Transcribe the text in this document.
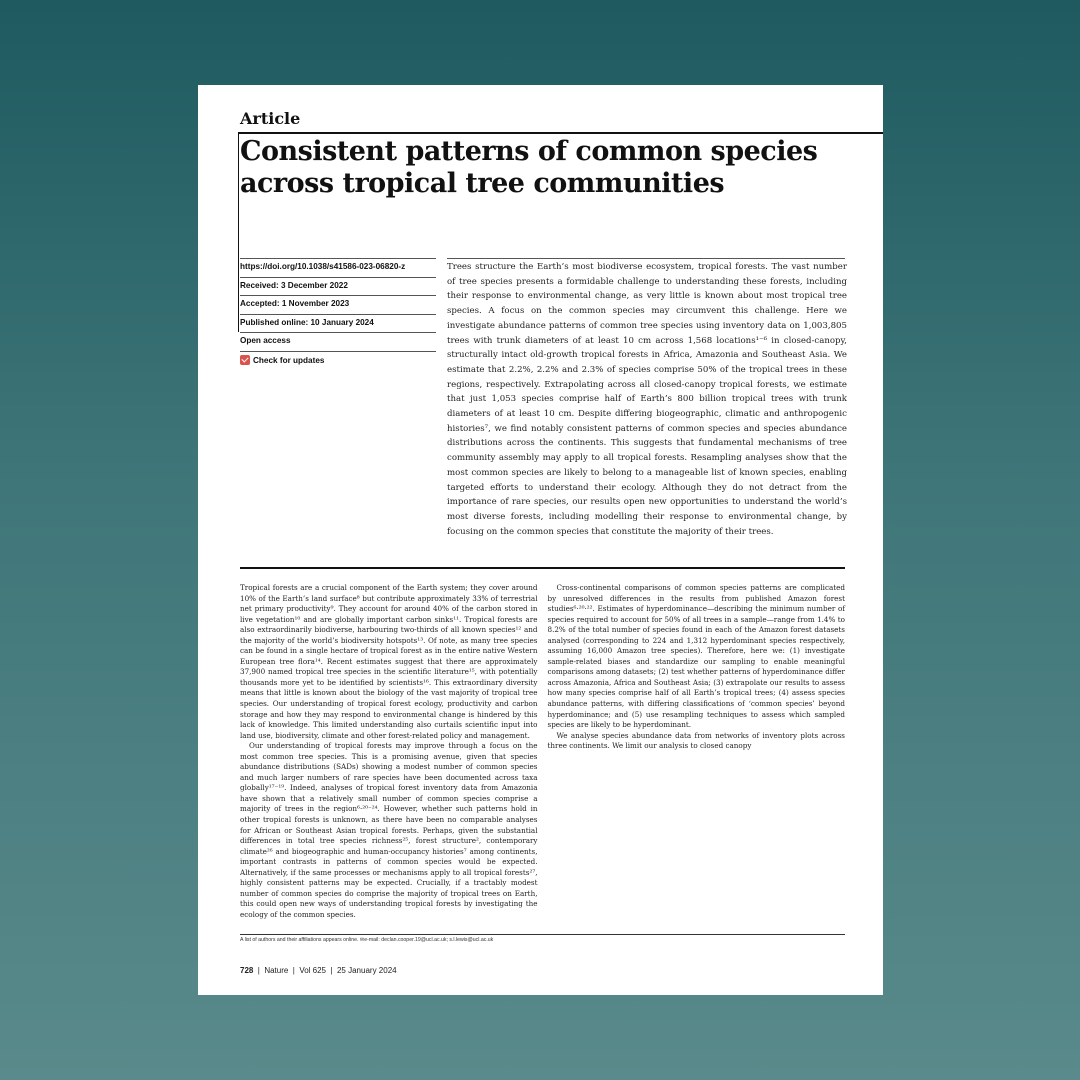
Article
Consistent patterns of common species across tropical tree communities
https://doi.org/10.1038/s41586-023-06820-z
Received: 3 December 2022
Accepted: 1 November 2023
Published online: 10 January 2024
Open access
Check for updates

Trees structure the Earth’s most biodiverse ecosystem, tropical forests. The vast number of tree species presents a formidable challenge to understanding these forests, including their response to environmental change, as very little is known about most tropical tree species. A focus on the common species may circumvent this challenge. Here we investigate abundance patterns of common tree species using inventory data on 1,003,805 trees with trunk diameters of at least 10 cm across 1,568 locations¹⁻⁶ in closed-canopy, structurally intact old-growth tropical forests in Africa, Amazonia and Southeast Asia. We estimate that 2.2%, 2.2% and 2.3% of species comprise 50% of the tropical trees in these regions, respectively. Extrapolating across all closed-canopy tropical forests, we estimate that just 1,053 species comprise half of Earth’s 800 billion tropical trees with trunk diameters of at least 10 cm. Despite differing biogeographic, climatic and anthropogenic histories⁷, we find notably consistent patterns of common species and species abundance distributions across the continents. This suggests that fundamental mechanisms of tree community assembly may apply to all tropical forests. Resampling analyses show that the most common species are likely to belong to a manageable list of known species, enabling targeted efforts to understand their ecology. Although they do not detract from the importance of rare species, our results open new opportunities to understand the world’s most diverse forests, including modelling their response to environmental change, by focusing on the common species that constitute the majority of their trees.

Tropical forests are a crucial component of the Earth system; they cover around 10% of the Earth’s land surface⁸ but contribute approximately 33% of terrestrial net primary productivity⁹. They account for around 40% of the carbon stored in live vegetation¹⁰ and are globally important carbon sinks¹¹. Tropical forests are also extraordinarily biodiverse, harbouring two-thirds of all known species¹² and the majority of the world’s biodiversity hotspots¹³. Of note, as many tree species can be found in a single hectare of tropical forest as in the entire native Western European tree flora¹⁴. Recent estimates suggest that there are approximately 37,900 named tropical tree species in the scientific literature¹⁵, with potentially thousands more yet to be identified by scientists¹⁶. This extraordinary diversity means that little is known about the biology of the vast majority of tropical tree species. Our understanding of tropical forest ecology, productivity and carbon storage and how they may respond to environmental change is hindered by this lack of knowledge. This limited understanding also curtails scientific input into land use, biodiversity, climate and other forest-related policy and management.

Our understanding of tropical forests may improve through a focus on the most common tree species. This is a promising avenue, given that species abundance distributions (SADs) showing a modest number of common species and much larger numbers of rare species have been documented across taxa globally¹⁷⁻¹⁹. Indeed, analyses of tropical forest inventory data from Amazonia have shown that a relatively small number of common species comprise a majority of trees in the region⁶·²⁰⁻²⁴. However, whether such patterns hold in other tropical forests is unknown, as there have been no comparable analyses for African or Southeast Asian tropical forests. Perhaps, given the substantial differences in total tree species richness²⁵, forest structure², contemporary climate²⁶ and biogeographic and human-occupancy histories⁷ among continents, important contrasts in patterns of common species would be expected. Alternatively, if the same processes or mechanisms apply to all tropical forests²⁷, highly consistent patterns may be expected. Crucially, if a tractably modest number of common species do comprise the majority of tropical trees on Earth, this could open new ways of understanding tropical forests by investigating the ecology of the common species.

Cross-continental comparisons of common species patterns are complicated by unresolved differences in the results from published Amazon forest studies⁶·²⁰·²². Estimates of hyperdominance—describing the minimum number of species required to account for 50% of all trees in a sample—range from 1.4% to 8.2% of the total number of species found in each of the Amazon forest datasets analysed (corresponding to 224 and 1,312 hyperdominant species respectively, assuming 16,000 Amazon tree species). Therefore, here we: (1) investigate sample-related biases and standardize our sampling to enable meaningful comparisons among datasets; (2) test whether patterns of hyperdominance differ across Amazonia, Africa and Southeast Asia; (3) extrapolate our results to assess how many species comprise half of all Earth’s tropical trees; (4) assess species abundance patterns, with differing classifications of ‘common species’ beyond hyperdominance; and (5) use resampling techniques to assess which sampled species are likely to be hyperdominant.

We analyse species abundance data from networks of inventory plots across three continents. We limit our analysis to closed canopy

A list of authors and their affiliations appears online. ✉e-mail: declan.cooper.19@ucl.ac.uk; s.l.lewis@ucl.ac.uk

728  |  Nature  |  Vol 625  |  25 January 2024
